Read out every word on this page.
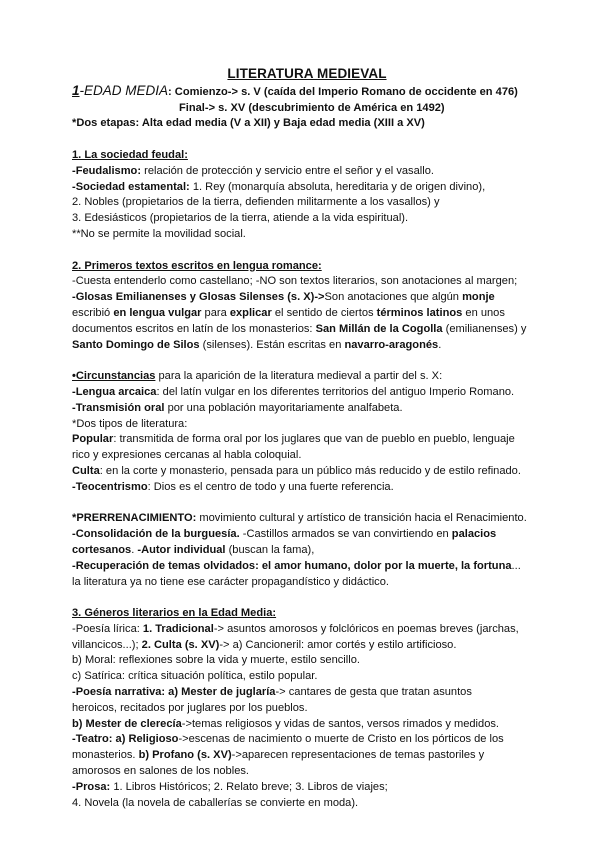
LITERATURA MEDIEVAL
1-EDAD MEDIA: Comienzo-> s. V (caída del Imperio Romano de occidente en 476)
Final-> s. XV (descubrimiento de América en 1492)
*Dos etapas: Alta edad media (V a XII) y Baja edad media (XIII a XV)
1. La sociedad feudal:
-Feudalismo: relación de protección y servicio entre el señor y el vasallo.
-Sociedad estamental: 1. Rey (monarquía absoluta, hereditaria y de origen divino),
2. Nobles (propietarios de la tierra, defienden militarmente a los vasallos) y
3. Edesiásticos (propietarios de la tierra, atiende a la vida espiritual).
**No se permite la movilidad social.
2. Primeros textos escritos en lengua romance:
-Cuesta entenderlo como castellano; -NO son textos literarios, son anotaciones al margen;
-Glosas Emilianenses y Glosas Silenses (s. X)->Son anotaciones que algún monje
escribió en lengua vulgar para explicar el sentido de ciertos términos latinos en unos
documentos escritos en latín de los monasterios: San Millán de la Cogolla (emilianenses) y
Santo Domingo de Silos (silenses). Están escritas en navarro-aragonés.
•Circunstancias para la aparición de la literatura medieval a partir del s. X:
-Lengua arcaica: del latín vulgar en los diferentes territorios del antiguo Imperio Romano.
-Transmisión oral por una población mayoritariamente analfabeta.
*Dos tipos de literatura:
Popular: transmitida de forma oral por los juglares que van de pueblo en pueblo, lenguaje
rico y expresiones cercanas al habla coloquial.
Culta: en la corte y monasterio, pensada para un público más reducido y de estilo refinado.
-Teocentrismo: Dios es el centro de todo y una fuerte referencia.
*PRERRENACIMIENTO: movimiento cultural y artístico de transición hacia el Renacimiento.
-Consolidación de la burguesía. -Castillos armados se van convirtiendo en palacios
cortesanos. -Autor individual (buscan la fama),
-Recuperación de temas olvidados: el amor humano, dolor por la muerte, la fortuna...
la literatura ya no tiene ese carácter propagandístico y didáctico.
3. Géneros literarios en la Edad Media:
-Poesía lírica: 1. Tradicional-> asuntos amorosos y folclóricos en poemas breves (jarchas,
villancicos...); 2. Culta (s. XV)-> a) Cancioneril: amor cortés y estilo artificioso.
b) Moral: reflexiones sobre la vida y muerte, estilo sencillo.
c) Satírica: crítica situación política, estilo popular.
-Poesía narrativa: a) Mester de juglaría-> cantares de gesta que tratan asuntos
heroicos, recitados por juglares por los pueblos.
b) Mester de clerecía->temas religiosos y vidas de santos, versos rimados y medidos.
-Teatro: a) Religioso->escenas de nacimiento o muerte de Cristo en los pórticos de los
monasterios. b) Profano (s. XV)->aparecen representaciones de temas pastoriles y
amorosos en salones de los nobles.
-Prosa: 1. Libros Históricos; 2. Relato breve; 3. Libros de viajes;
4. Novela (la novela de caballerías se convierte en moda).
